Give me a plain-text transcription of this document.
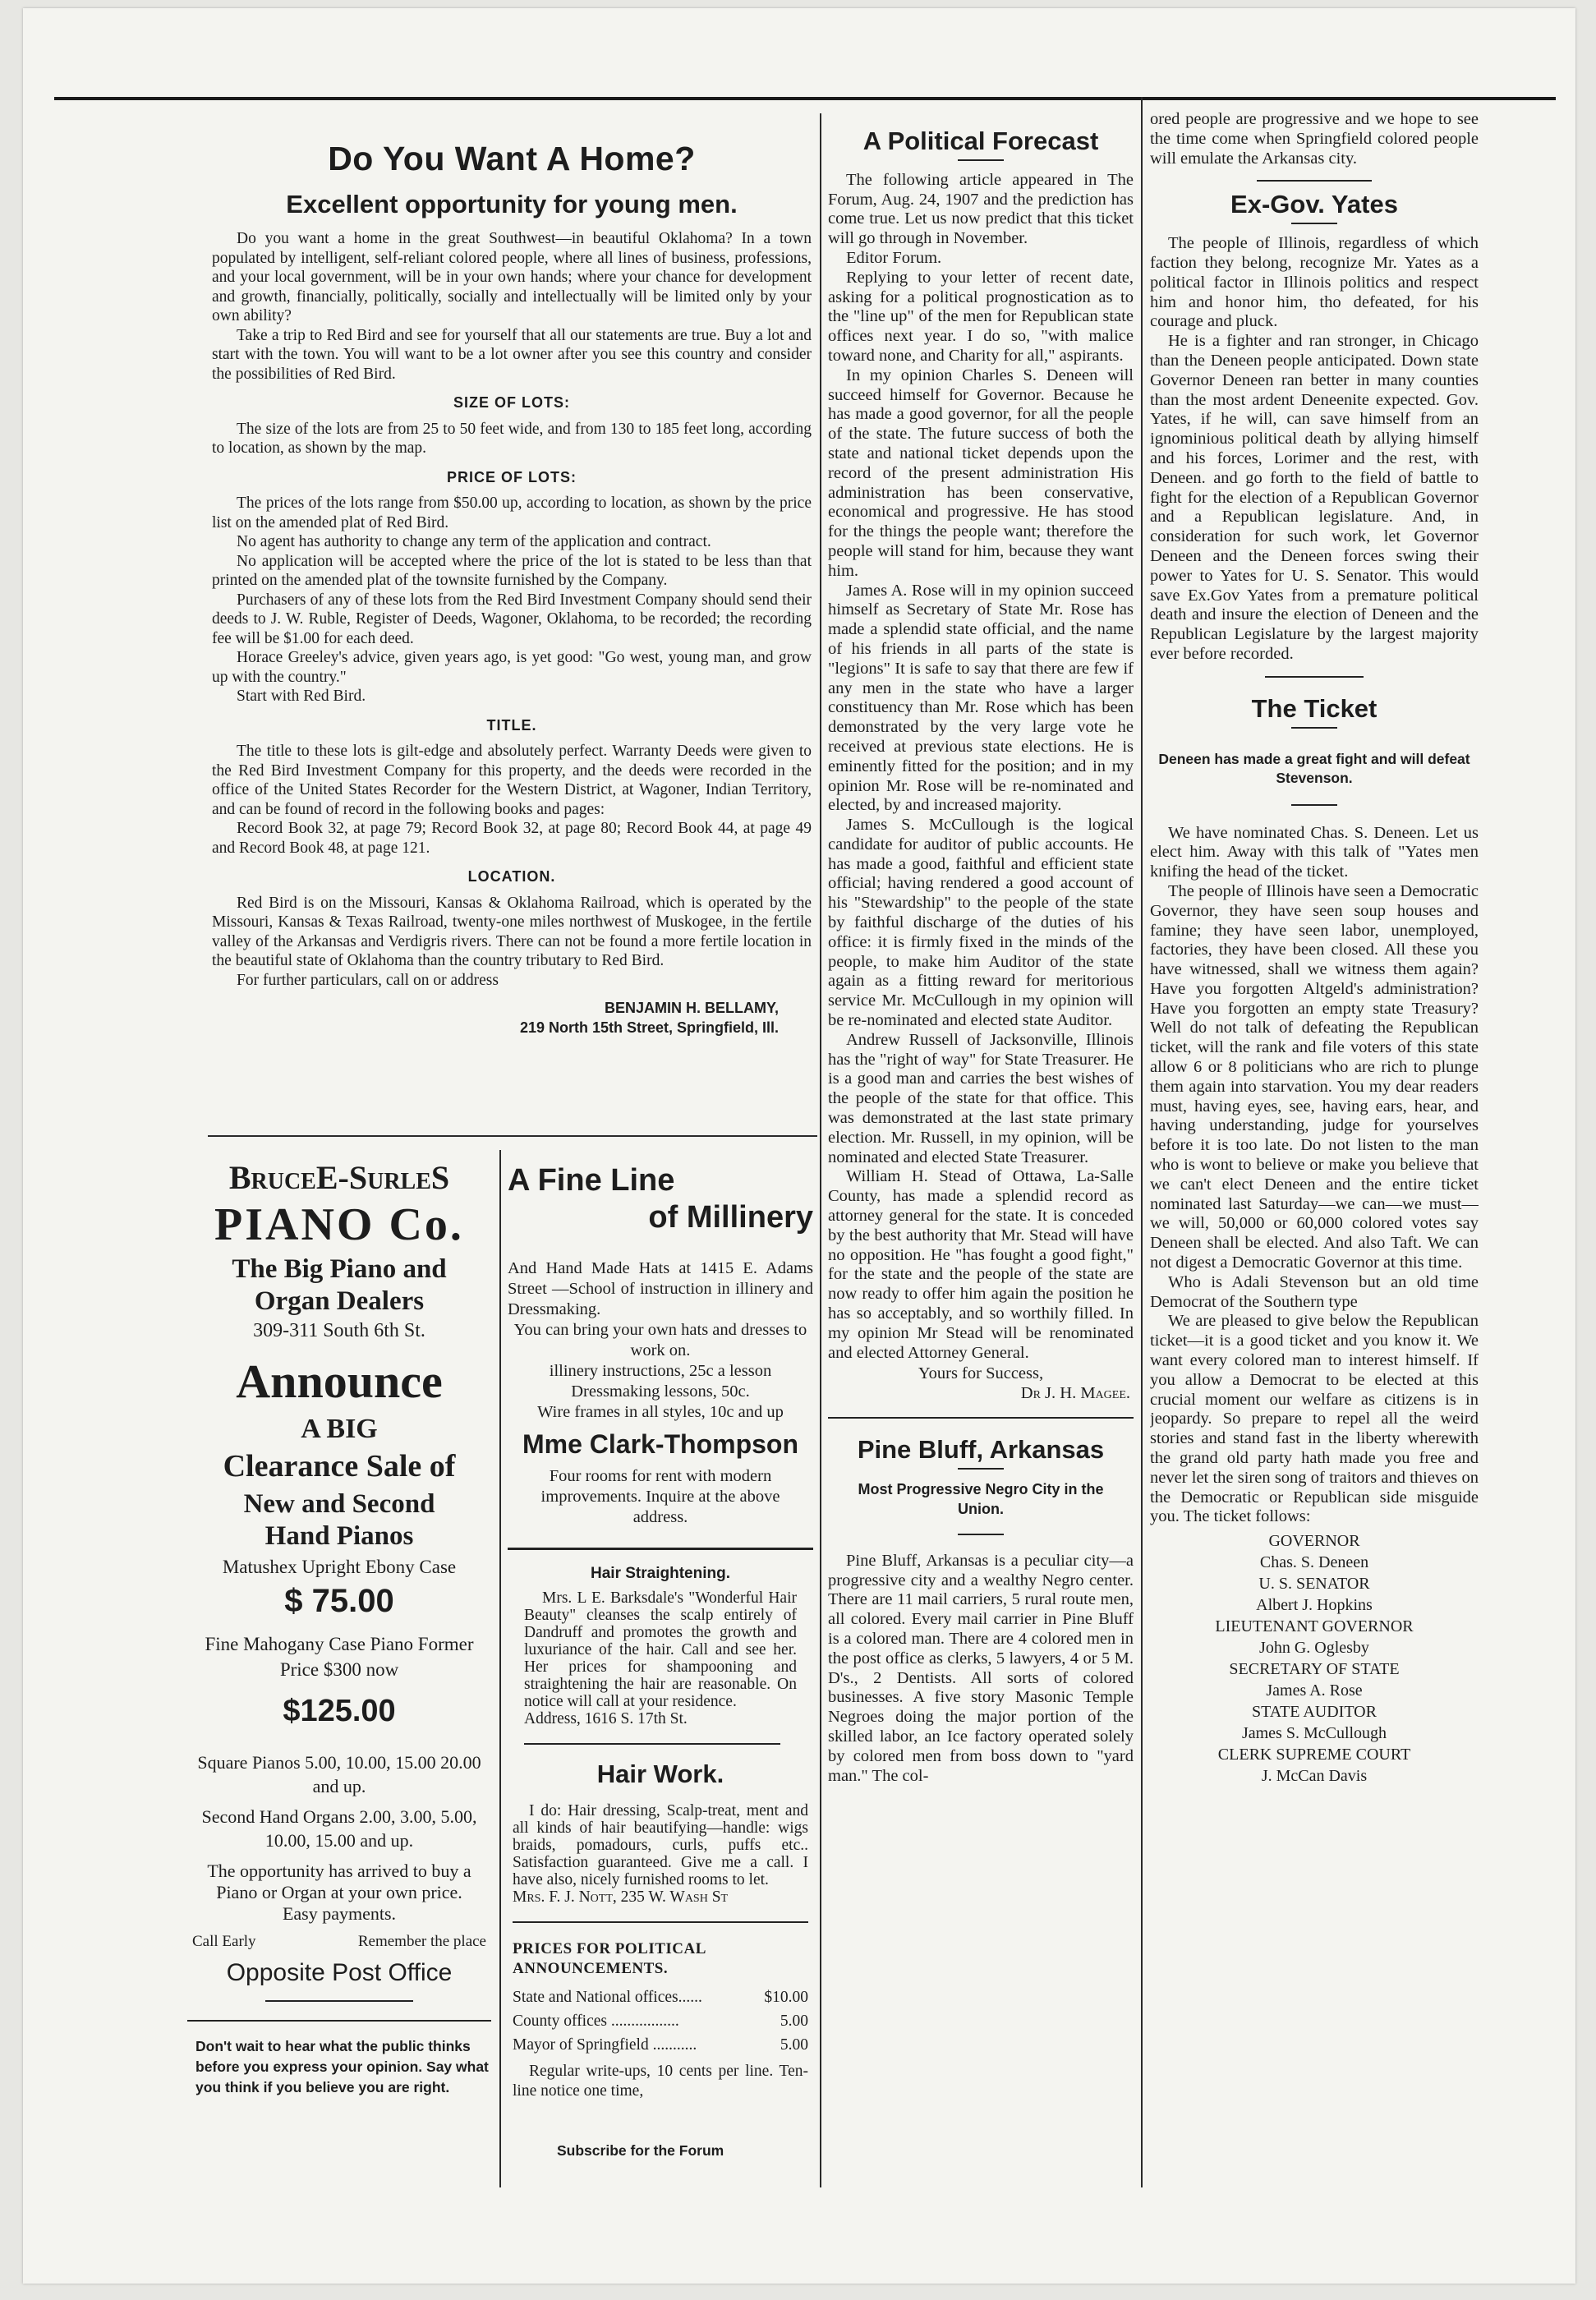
Do You Want A Home?
Excellent opportunity for young men.

Do you want a home in the great Southwest—in beautiful Oklahoma? In a town populated by intelligent, self-reliant colored people, where all lines of business, professions, and your local government, will be in your own hands; where your chance for development and growth, financially, politically, socially and intellectually will be limited only by your own ability?

Take a trip to Red Bird and see for yourself that all our statements are true. Buy a lot and start with the town. You will want to be a lot owner after you see this country and consider the possibilities of Red Bird.

SIZE OF LOTS:

The size of the lots are from 25 to 50 feet wide, and from 130 to 185 feet long, according to location, as shown by the map.

PRICE OF LOTS:

The prices of the lots range from $50.00 up, according to location, as shown by the price list on the amended plat of Red Bird.

No agent has authority to change any term of the application and contract.

No application will be accepted where the price of the lot is stated to be less than that printed on the amended plat of the townsite furnished by the Company.

Purchasers of any of these lots from the Red Bird Investment Company should send their deeds to J. W. Ruble, Register of Deeds, Wagoner, Oklahoma, to be recorded; the recording fee will be $1.00 for each deed.

Horace Greeley's advice, given years ago, is yet good: "Go west, young man, and grow up with the country."

Start with Red Bird.

TITLE.

The title to these lots is gilt-edge and absolutely perfect. Warranty Deeds were given to the Red Bird Investment Company for this property, and the deeds were recorded in the office of the United States Recorder for the Western District, at Wagoner, Indian Territory, and can be found of record in the following books and pages:

Record Book 32, at page 79; Record Book 32, at page 80; Record Book 44, at page 49 and Record Book 48, at page 121.

LOCATION.

Red Bird is on the Missouri, Kansas & Oklahoma Railroad, which is operated by the Missouri, Kansas & Texas Railroad, twenty-one miles northwest of Muskogee, in the fertile valley of the Arkansas and Verdigris rivers. There can not be found a more fertile location in the beautiful state of Oklahoma than the country tributary to Red Bird.

For further particulars, call on or address

BENJAMIN H. BELLAMY,
219 North 15th Street, Springfield, Ill.
BruceE-SurleS
PIANO Co.
The Big Piano and
Organ Dealers
309-311 South 6th St.
Announce
A BIG
Clearance Sale of
New and Second
Hand Pianos
Matushex Upright Ebony Case
$ 75.00
Fine Mahogany Case Piano Former Price $300 now
$125.00
Square Pianos 5.00, 10.00, 15.00 20.00 and up.
Second Hand Organs 2.00, 3.00, 5.00, 10.00, 15.00 and up.
The opportunity has arrived to buy a Piano or Organ at your own price. Easy payments.
Call Early	Remember the place
Opposite Post Office
Don't wait to hear what the public thinks before you express your opinion. Say what you think if you believe you are right.
A Fine Line
of Millinery

And Hand Made Hats at 1415 E. Adams Street —School of instruction in illinery and Dressmaking.

You can bring your own hats and dresses to work on.

illinery instructions, 25c a lesson

Dressmaking lessons, 50c.

Wire frames in all styles, 10c and up

Mme Clark-Thompson
Four rooms for rent with modern improvements. Inquire at the above address.
Hair Straightening.
Mrs. L E. Barksdale's "Wonderful Hair Beauty" cleanses the scalp entirely of Dandruff and promotes the growth and luxuriance of the hair. Call and see her. Her prices for shampooning and straightening the hair are reasonable. On notice will call at your residence.
Address, 1616 S. 17th St.
Hair Work.
I do: Hair dressing, Scalp-treat, ment and all kinds of hair beautifying—handle: wigs braids, pomadours, curls, puffs etc.. Satisfaction guaranteed. Give me a call. I have also, nicely furnished rooms to let.
Mrs. F. J. Nott, 235 W. Wash St
PRICES FOR POLITICAL ANNOUNCEMENTS.
State and National offices......	$10.00
County offices .................	5.00
Mayor of Springfield ...........	5.00
Regular write-ups, 10 cents per line. Ten-line notice one time,
Subscribe for the Forum
A Political Forecast

The following article appeared in The Forum, Aug. 24, 1907 and the prediction has come true. Let us now predict that this ticket will go through in November.

Editor Forum.

Replying to your letter of recent date, asking for a political prognostication as to the "line up" of the men for Republican state offices next year. I do so, "with malice toward none, and Charity for all," aspirants.

In my opinion Charles S. Deneen will succeed himself for Governor. Because he has made a good governor, for all the people of the state. The future success of both the state and national ticket depends upon the record of the present administration His administration has been conservative, economical and progressive. He has stood for the things the people want; therefore the people will stand for him, because they want him.

James A. Rose will in my opinion succeed himself as Secretary of State Mr. Rose has made a splendid state official, and the name of his friends in all parts of the state is "legions" It is safe to say that there are few if any men in the state who have a larger constituency than Mr. Rose which has been demonstrated by the very large vote he received at previous state elections. He is eminently fitted for the position; and in my opinion Mr. Rose will be re-nominated and elected, by and increased majority.

James S. McCullough is the logical candidate for auditor of public accounts. He has made a good, faithful and efficient state official; having rendered a good account of his "Stewardship" to the people of the state by faithful discharge of the duties of his office: it is firmly fixed in the minds of the people, to make him Auditor of the state again as a fitting reward for meritorious service Mr. McCullough in my opinion will be re-nominated and elected state Auditor.

Andrew Russell of Jacksonville, Illinois has the "right of way" for State Treasurer. He is a good man and carries the best wishes of the people of the state for that office. This was demonstrated at the last state primary election. Mr. Russell, in my opinion, will be nominated and elected State Treasurer.

William H. Stead of Ottawa, La-Salle County, has made a splendid record as attorney general for the state. It is conceded by the best authority that Mr. Stead will have no opposition. He "has fought a good fight," for the state and the people of the state are now ready to offer him again the position he has so acceptably, and so worthily filled. In my opinion Mr Stead will be renominated and elected Attorney General.

Yours for Success,
Dr J. H. Magee.
Pine Bluff, Arkansas
Most Progressive Negro City in the Union.

Pine Bluff, Arkansas is a peculiar city—a progressive city and a wealthy Negro center. There are 11 mail carriers, 5 rural route men, all colored. Every mail carrier in Pine Bluff is a colored man. There are 4 colored men in the post office as clerks, 5 lawyers, 4 or 5 M. D's., 2 Dentists. All sorts of colored businesses. A five story Masonic Temple Negroes doing the major portion of the skilled labor, an Ice factory operated solely by colored men from boss down to "yard man." The col-

ored people are progressive and we hope to see the time come when Springfield colored people will emulate the Arkansas city.

Ex-Gov. Yates

The people of Illinois, regardless of which faction they belong, recognize Mr. Yates as a political factor in Illinois politics and respect him and honor him, tho defeated, for his courage and pluck.

He is a fighter and ran stronger, in Chicago than the Deneen people anticipated. Down state Governor Deneen ran better in many counties than the most ardent Deneenite expected. Gov. Yates, if he will, can save himself from an ignominious political death by allying himself and his forces, Lorimer and the rest, with Deneen. and go forth to the field of battle to fight for the election of a Republican Governor and a Republican legislature. And, in consideration for such work, let Governor Deneen and the Deneen forces swing their power to Yates for U. S. Senator. This would save Ex.Gov Yates from a premature political death and insure the election of Deneen and the Republican Legislature by the largest majority ever before recorded.

The Ticket
Deneen has made a great fight and will defeat Stevenson.

We have nominated Chas. S. Deneen. Let us elect him. Away with this talk of "Yates men knifing the head of the ticket.

The people of Illinois have seen a Democratic Governor, they have seen soup houses and famine; they have seen labor, unemployed, factories, they have been closed. All these you have witnessed, shall we witness them again? Have you forgotten Altgeld's administration? Have you forgotten an empty state Treasury? Well do not talk of defeating the Republican ticket, will the rank and file voters of this state allow 6 or 8 politicians who are rich to plunge them again into starvation. You my dear readers must, having eyes, see, having ears, hear, and having understanding, judge for yourselves before it is too late. Do not listen to the man who is wont to believe or make you believe that we can't elect Deneen and the entire ticket nominated last Saturday—we can—we must—we will, 50,000 or 60,000 colored votes say Deneen shall be elected. And also Taft. We can not digest a Democratic Governor at this time.

Who is Adali Stevenson but an old time Democrat of the Southern type

We are pleased to give below the Republican ticket—it is a good ticket and you know it. We want every colored man to interest himself. If you allow a Democrat to be elected at this crucial moment our welfare as citizens is in jeopardy. So prepare to repel all the weird stories and stand fast in the liberty wherewith the grand old party hath made you free and never let the siren song of traitors and thieves on the Democratic or Republican side misguide you. The ticket follows:

GOVERNOR

Chas. S. Deneen

U. S. SENATOR

Albert J. Hopkins

LIEUTENANT GOVERNOR

John G. Oglesby

SECRETARY OF STATE

James A. Rose

STATE AUDITOR

James S. McCullough

CLERK SUPREME COURT

J. McCan Davis
